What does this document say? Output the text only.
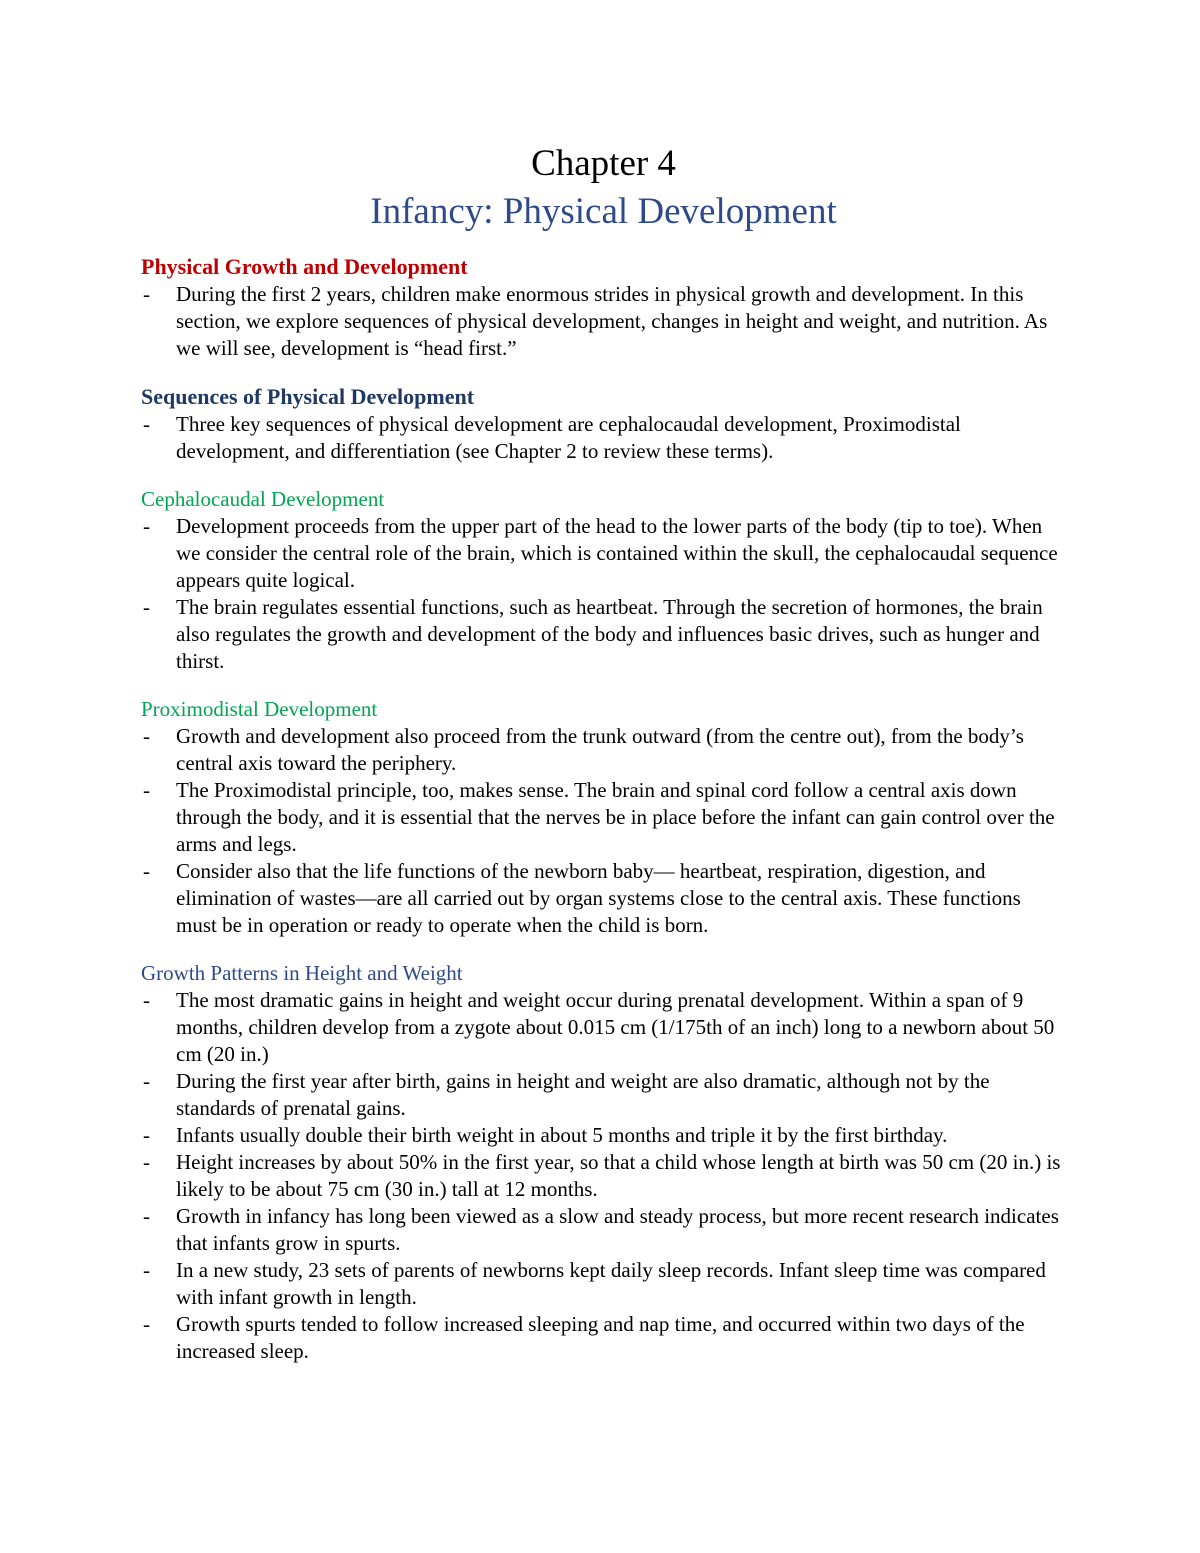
Chapter 4
Infancy: Physical Development
Physical Growth and Development
- During the first 2 years, children make enormous strides in physical growth and development. In this section, we explore sequences of physical development, changes in height and weight, and nutrition. As we will see, development is “head first.”
Sequences of Physical Development
- Three key sequences of physical development are cephalocaudal development, Proximodistal development, and differentiation (see Chapter 2 to review these terms).
Cephalocaudal Development
- Development proceeds from the upper part of the head to the lower parts of the body (tip to toe). When we consider the central role of the brain, which is contained within the skull, the cephalocaudal sequence appears quite logical.
- The brain regulates essential functions, such as heartbeat. Through the secretion of hormones, the brain also regulates the growth and development of the body and influences basic drives, such as hunger and thirst.
Proximodistal Development
- Growth and development also proceed from the trunk outward (from the centre out), from the body’s central axis toward the periphery.
- The Proximodistal principle, too, makes sense. The brain and spinal cord follow a central axis down through the body, and it is essential that the nerves be in place before the infant can gain control over the arms and legs.
- Consider also that the life functions of the newborn baby— heartbeat, respiration, digestion, and elimination of wastes—are all carried out by organ systems close to the central axis. These functions must be in operation or ready to operate when the child is born.
Growth Patterns in Height and Weight
- The most dramatic gains in height and weight occur during prenatal development. Within a span of 9 months, children develop from a zygote about 0.015 cm (1/175th of an inch) long to a newborn about 50 cm (20 in.)
- During the first year after birth, gains in height and weight are also dramatic, although not by the standards of prenatal gains.
- Infants usually double their birth weight in about 5 months and triple it by the first birthday.
- Height increases by about 50% in the first year, so that a child whose length at birth was 50 cm (20 in.) is likely to be about 75 cm (30 in.) tall at 12 months.
- Growth in infancy has long been viewed as a slow and steady process, but more recent research indicates that infants grow in spurts.
- In a new study, 23 sets of parents of newborns kept daily sleep records. Infant sleep time was compared with infant growth in length.
- Growth spurts tended to follow increased sleeping and nap time, and occurred within two days of the increased sleep.
